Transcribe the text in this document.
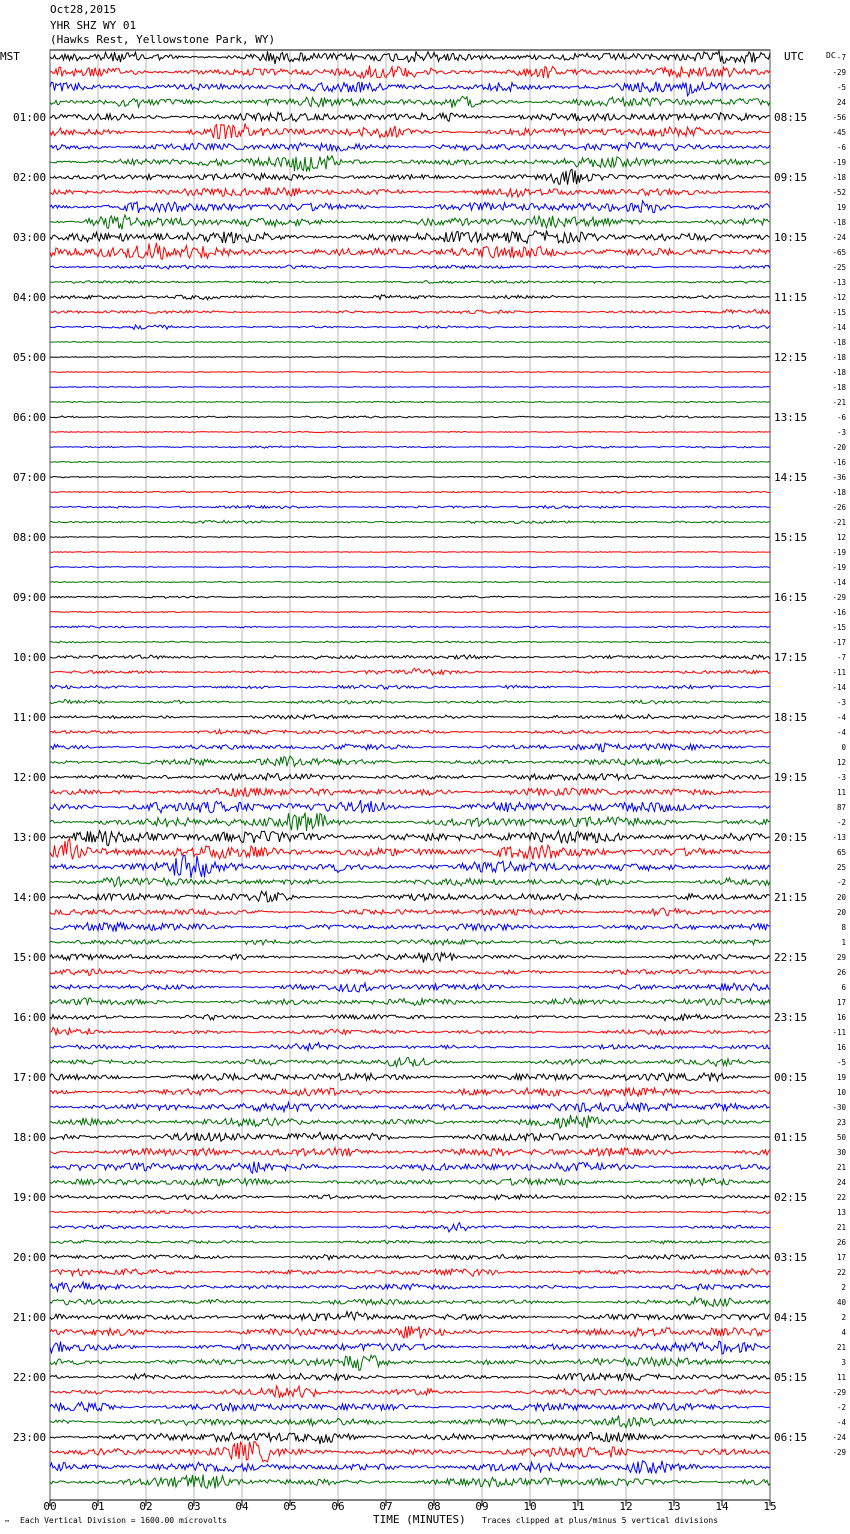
Oct28,2015
YHR SHZ WY 01
(Hawks Rest, Yellowstone Park, WY)
MST	UTC	DC
00	01	02	03	04	05	06	07	08	09	10	11	12	13	14	15
01:00	08:15
02:00	09:15
03:00	10:15
04:00	11:15
05:00	12:15
06:00	13:15
07:00	14:15
08:00	15:15
09:00	16:15
10:00	17:15
11:00	18:15
12:00	19:15
13:00	20:15
14:00	21:15
15:00	22:15
16:00	23:15
17:00	00:15
18:00	01:15
19:00	02:15
20:00	03:15
21:00	04:15
22:00	05:15
23:00	06:15
-7
-29
-5
24
-56
-45
-6
-19
-18
-52
19
-18
-24
-65
-25
-13
-12
-15
-14
-18
-18
-18
-18
-21
-6
-3
-20
-16
-36
-18
-26
-21
12
-19
-19
-14
-29
-16
-15
-17
-7
-11
-14
-3
-4
-4
0
12
-3
11
87
-2
-13
65
25
-2
20
20
8
1
29
26
6
17
16
-11
16
-5
19
10
-30
23
50
30
21
24
22
13
21
26
17
22
2
40
2
4
21
3
11
-29
-2
-4
-24
-29
™ Each Vertical Division = 1600.00 microvolts	TIME (MINUTES) Traces clipped at plus/minus 5 vertical divisions
